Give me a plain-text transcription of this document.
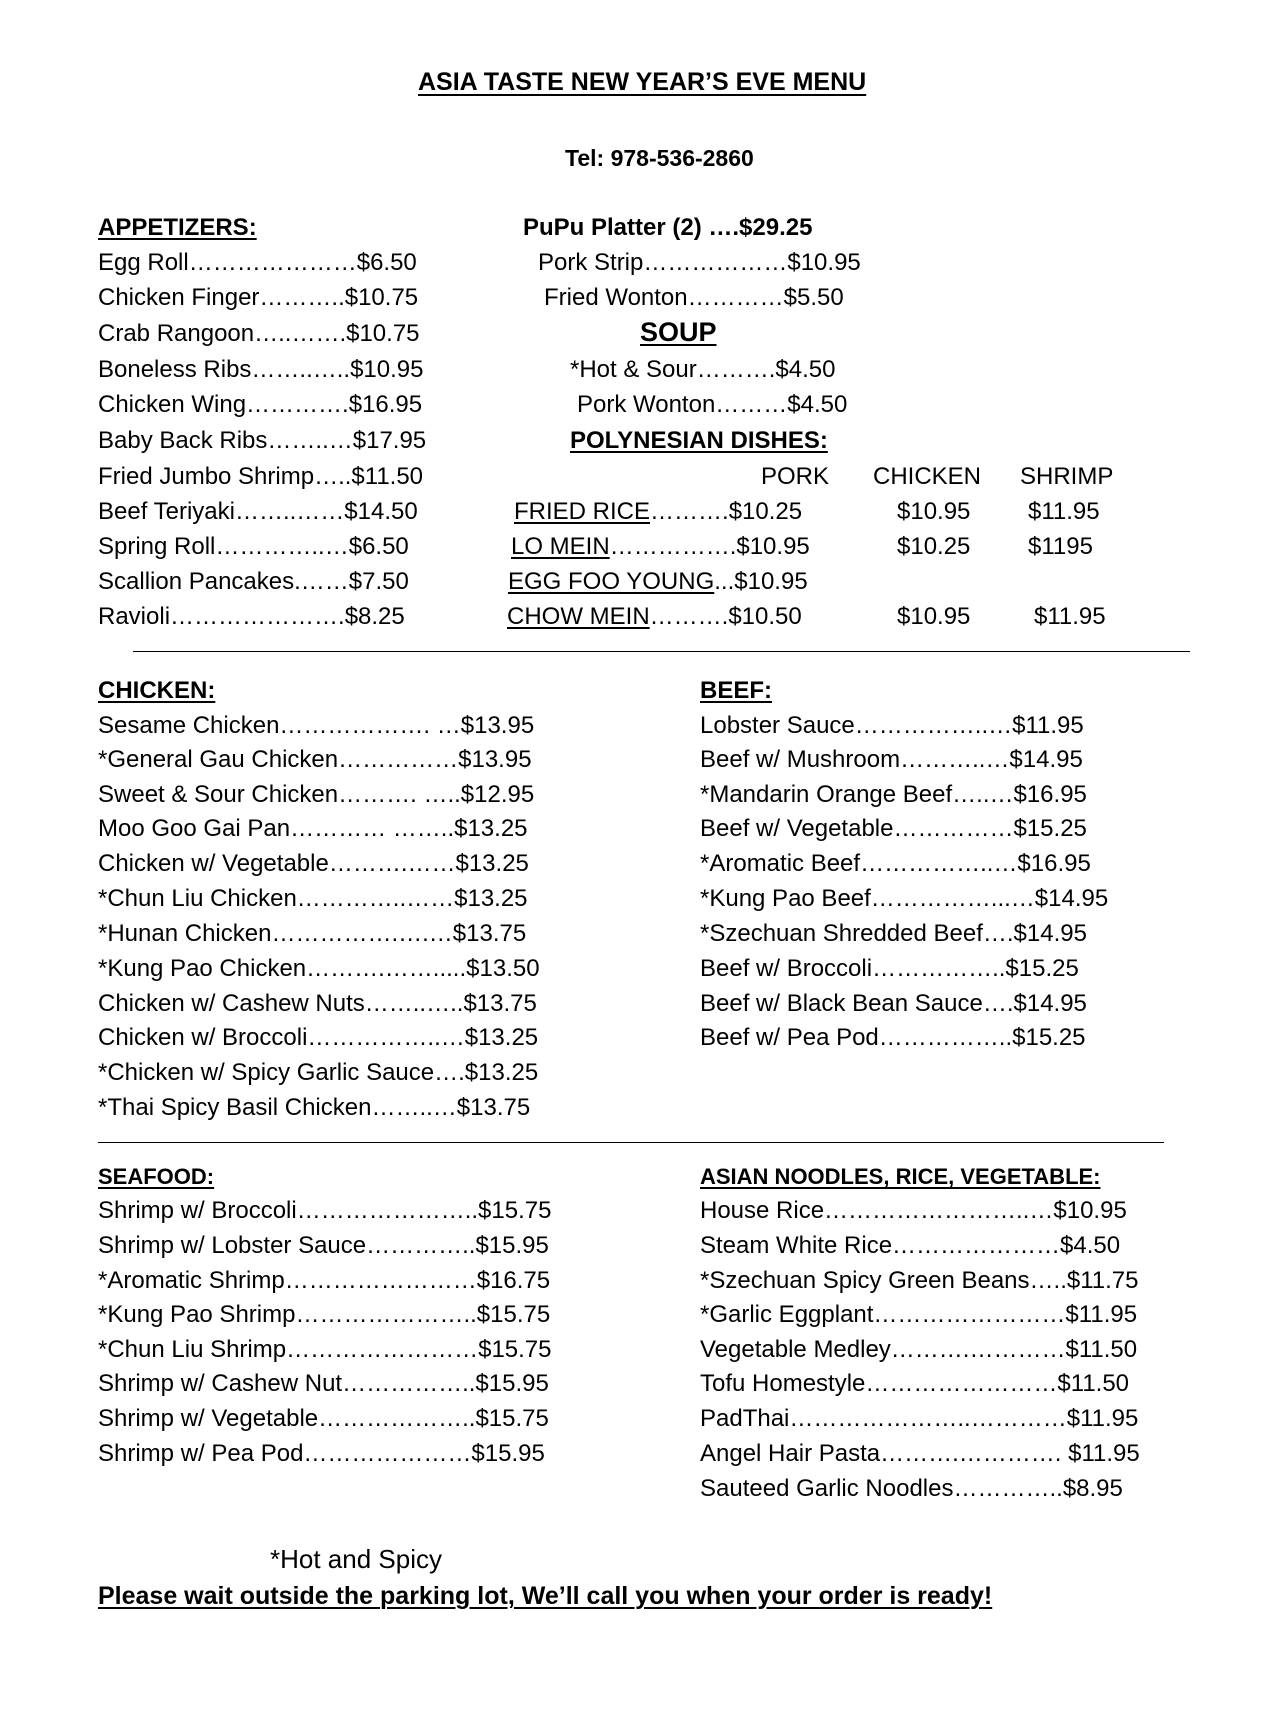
ASIA TASTE NEW YEAR’S EVE MENU
Tel: 978-536-2860
APPETIZERS:
Egg Roll…………………$6.50
Chicken Finger………..$10.75
Crab Rangoon…..…….$10.75
Boneless Ribs……..…..$10.95
Chicken Wing………….$16.95
Baby Back Ribs……..…$17.95
Fried Jumbo Shrimp…..$11.50
Beef Teriyaki……..……$14.50
Spring Roll…………..…$6.50
Scallion Pancakes.……$7.50
Ravioli………………….$8.25
PuPu Platter (2) ….$29.25
Pork Strip………………$10.95
Fried Wonton…………$5.50
SOUP
*Hot & Sour……….$4.50
Pork Wonton………$4.50
POLYNESIAN DISHES:
PORK CHICKEN SHRIMP
FRIED RICE……….$10.25	$10.95 $11.95
LO MEIN…………….$10.95	$10.25 $1195
EGG FOO YOUNG...$10.95
CHOW MEIN……….$10.50	$10.95	$11.95
CHICKEN:
Sesame Chicken………………. …$13.95
*General Gau Chicken……………$13.95
Sweet & Sour Chicken………. …..$12.95
Moo Goo Gai Pan………… ……..$13.25
Chicken w/ Vegetable……….……$13.25
*Chun Liu Chicken…………..……$13.25
*Hunan Chicken…………….….…$13.75
*Kung Pao Chicken……….…….....$13.50
Chicken w/ Cashew Nuts……..…..$13.75
Chicken w/ Broccoli……………..…$13.25
*Chicken w/ Spicy Garlic Sauce….$13.25
*Thai Spicy Basil Chicken……..…$13.75
BEEF:
Lobster Sauce……………..…$11.95
Beef w/ Mushroom………..…$14.95
*Mandarin Orange Beef…..…$16.95
Beef w/ Vegetable……………$15.25
*Aromatic Beef……………..…$16.95
*Kung Pao Beef……………...…$14.95
*Szechuan Shredded Beef….$14.95
Beef w/ Broccoli……………..$15.25
Beef w/ Black Bean Sauce….$14.95
Beef w/ Pea Pod……………..$15.25
SEAFOOD:
Shrimp w/ Broccoli…………………..$15.75
Shrimp w/ Lobster Sauce…………..$15.95
*Aromatic Shrimp……………………$16.75
*Kung Pao Shrimp…………………..$15.75
*Chun Liu Shrimp……………………$15.75
Shrimp w/ Cashew Nut……………..$15.95
Shrimp w/ Vegetable………………..$15.75
Shrimp w/ Pea Pod…………………$15.95
ASIAN NOODLES, RICE, VEGETABLE:
House Rice……………………..…$10.95
Steam White Rice…………………$4.50
*Szechuan Spicy Green Beans…..$11.75
*Garlic Eggplant……………………$11.95
Vegetable Medley……….…………$11.50
Tofu Homestyle……………………$11.50
PadThai…………………..…………$11.95
Angel Hair Pasta……….…………. $11.95
Sauteed Garlic Noodles…………..$8.95
*Hot and Spicy
Please wait outside the parking lot, We’ll call you when your order is ready!
